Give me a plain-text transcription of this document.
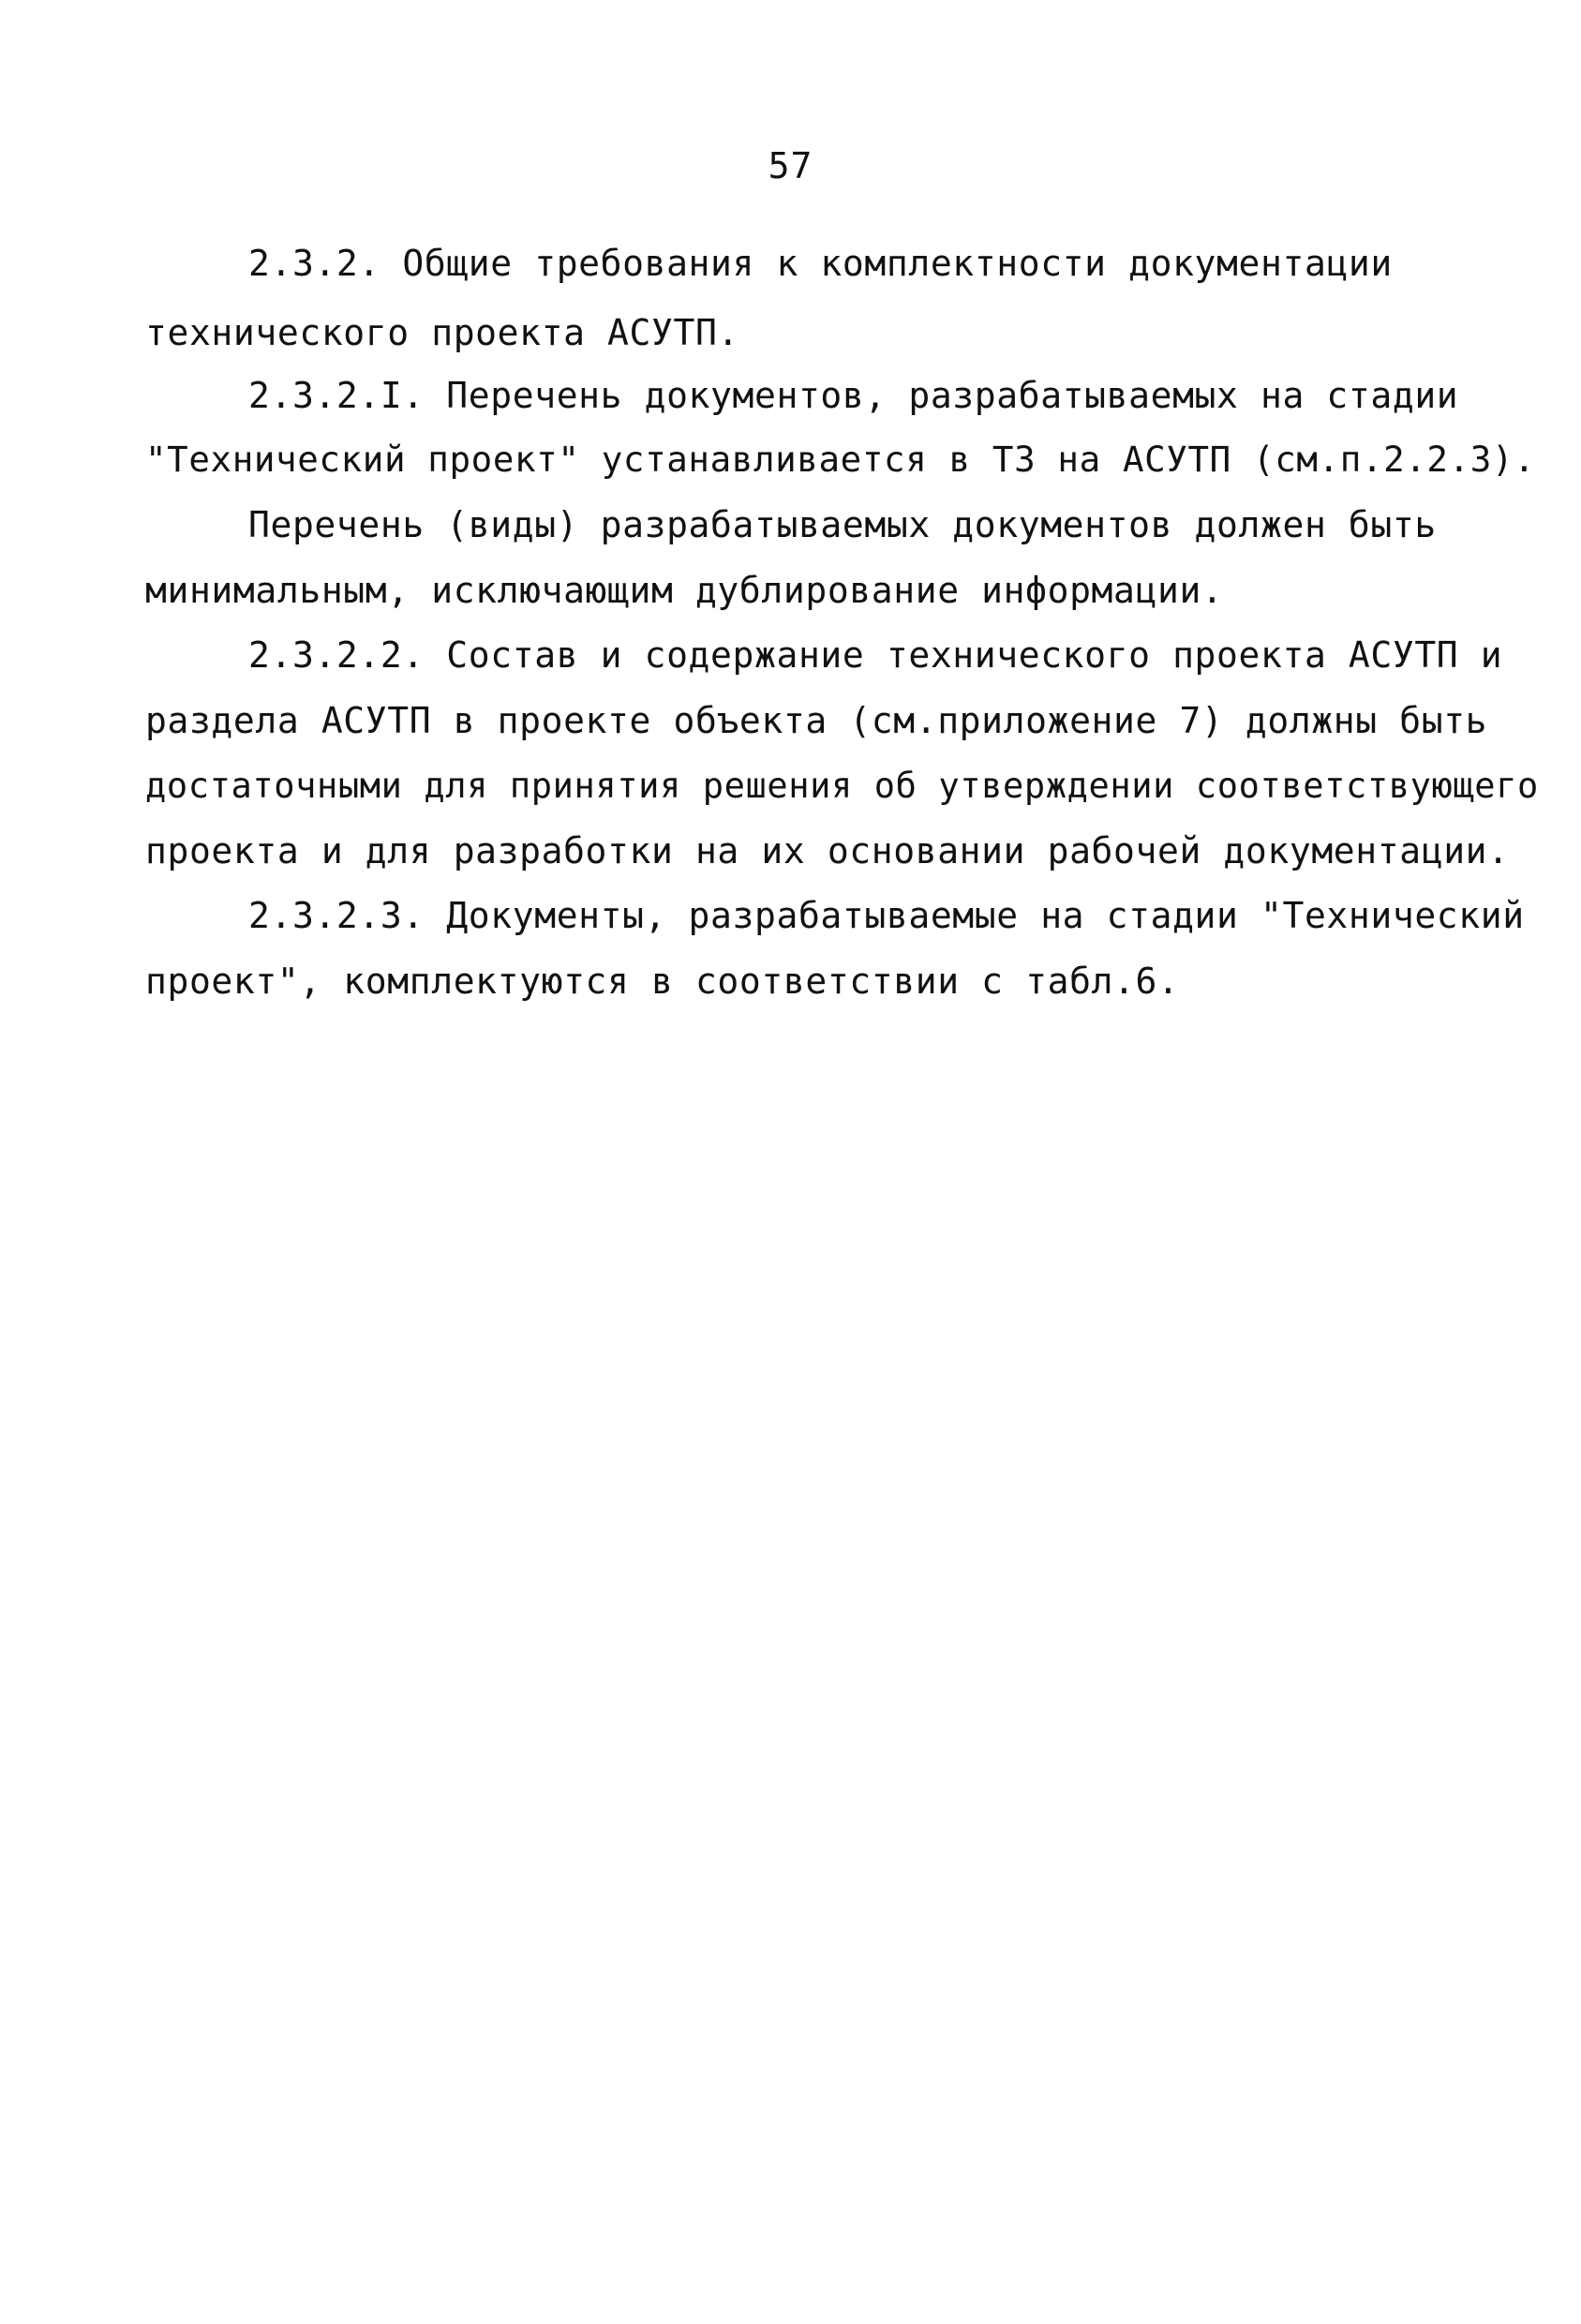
57
2.3.2. Общие требования к комплектности документации
технического проекта АСУТП.
2.3.2.I. Перечень документов, разрабатываемых на стадии
"Технический проект" устанавливается в ТЗ на АСУТП (см.п.2.2.3).
Перечень (виды) разрабатываемых документов должен быть
минимальным, исключающим дублирование информации.
2.3.2.2. Состав и содержание технического проекта АСУТП и
раздела АСУТП в проекте объекта (см.приложение 7) должны быть
достаточными для принятия решения об утверждении соответствующего
проекта и для разработки на их основании рабочей документации.
2.3.2.3. Документы, разрабатываемые на стадии "Технический
проект", комплектуются в соответствии с табл.6.
